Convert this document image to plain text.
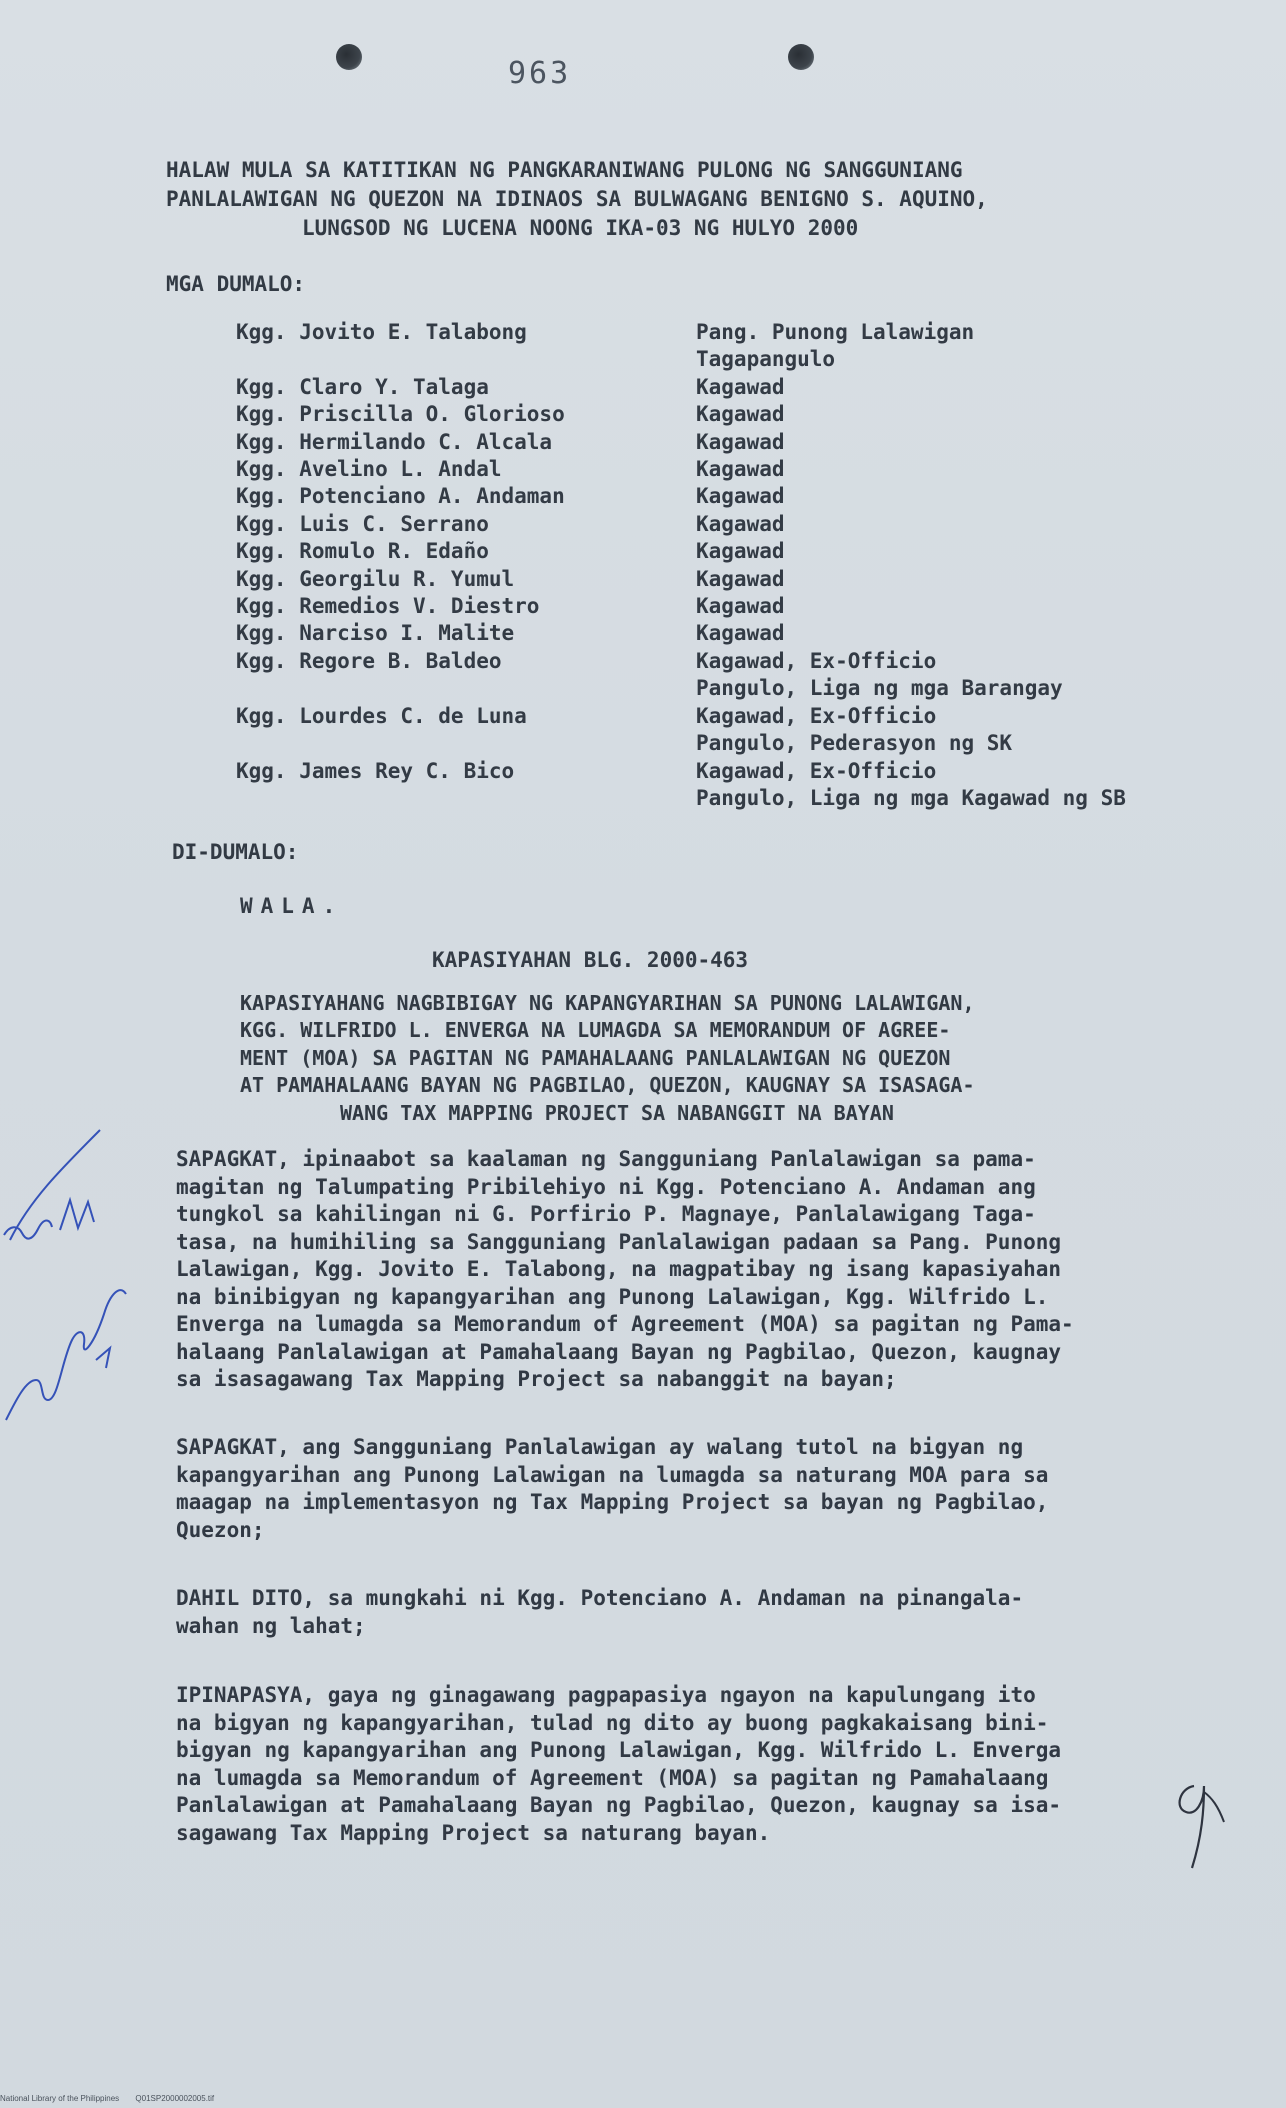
963
HALAW MULA SA KATITIKAN NG PANGKARANIWANG PULONG NG SANGGUNIANG
PANLALAWIGAN NG QUEZON NA IDINAOS SA BULWAGANG BENIGNO S. AQUINO,
LUNGSOD NG LUCENA NOONG IKA-03 NG HULYO 2000
MGA DUMALO:
Kgg. Jovito E. Talabong	Pang. Punong Lalawigan
Tagapangulo
Kgg. Claro Y. Talaga	Kagawad
Kgg. Priscilla O. Glorioso	Kagawad
Kgg. Hermilando C. Alcala	Kagawad
Kgg. Avelino L. Andal	Kagawad
Kgg. Potenciano A. Andaman	Kagawad
Kgg. Luis C. Serrano	Kagawad
Kgg. Romulo R. Edaño	Kagawad
Kgg. Georgilu R. Yumul	Kagawad
Kgg. Remedios V. Diestro	Kagawad
Kgg. Narciso I. Malite	Kagawad
Kgg. Regore B. Baldeo	Kagawad, Ex-Officio
Pangulo, Liga ng mga Barangay
Kgg. Lourdes C. de Luna	Kagawad, Ex-Officio
Pangulo, Pederasyon ng SK
Kgg. James Rey C. Bico	Kagawad, Ex-Officio
Pangulo, Liga ng mga Kagawad ng SB
DI-DUMALO:
WALA.
KAPASIYAHAN BLG. 2000-463
KAPASIYAHANG NAGBIBIGAY NG KAPANGYARIHAN SA PUNONG LALAWIGAN,
KGG. WILFRIDO L. ENVERGA NA LUMAGDA SA MEMORANDUM OF AGREE-
MENT (MOA) SA PAGITAN NG PAMAHALAANG PANLALAWIGAN NG QUEZON
AT PAMAHALAANG BAYAN NG PAGBILAO, QUEZON, KAUGNAY SA ISASAGA-
WANG TAX MAPPING PROJECT SA NABANGGIT NA BAYAN
SAPAGKAT, ipinaabot sa kaalaman ng Sangguniang Panlalawigan sa pama-
magitan ng Talumpating Pribilehiyo ni Kgg. Potenciano A. Andaman ang
tungkol sa kahilingan ni G. Porfirio P. Magnaye, Panlalawigang Taga-
tasa, na humihiling sa Sangguniang Panlalawigan padaan sa Pang. Punong
Lalawigan, Kgg. Jovito E. Talabong, na magpatibay ng isang kapasiyahan
na binibigyan ng kapangyarihan ang Punong Lalawigan, Kgg. Wilfrido L.
Enverga na lumagda sa Memorandum of Agreement (MOA) sa pagitan ng Pama-
halaang Panlalawigan at Pamahalaang Bayan ng Pagbilao, Quezon, kaugnay
sa isasagawang Tax Mapping Project sa nabanggit na bayan;
SAPAGKAT, ang Sangguniang Panlalawigan ay walang tutol na bigyan ng
kapangyarihan ang Punong Lalawigan na lumagda sa naturang MOA para sa
maagap na implementasyon ng Tax Mapping Project sa bayan ng Pagbilao,
Quezon;
DAHIL DITO, sa mungkahi ni Kgg. Potenciano A. Andaman na pinangala-
wahan ng lahat;
IPINAPASYA, gaya ng ginagawang pagpapasiya ngayon na kapulungang ito
na bigyan ng kapangyarihan, tulad ng dito ay buong pagkakaisang bini-
bigyan ng kapangyarihan ang Punong Lalawigan, Kgg. Wilfrido L. Enverga
na lumagda sa Memorandum of Agreement (MOA) sa pagitan ng Pamahalaang
Panlalawigan at Pamahalaang Bayan ng Pagbilao, Quezon, kaugnay sa isa-
sagawang Tax Mapping Project sa naturang bayan.
National Library of the Philippines Q01SP2000002005.tif
